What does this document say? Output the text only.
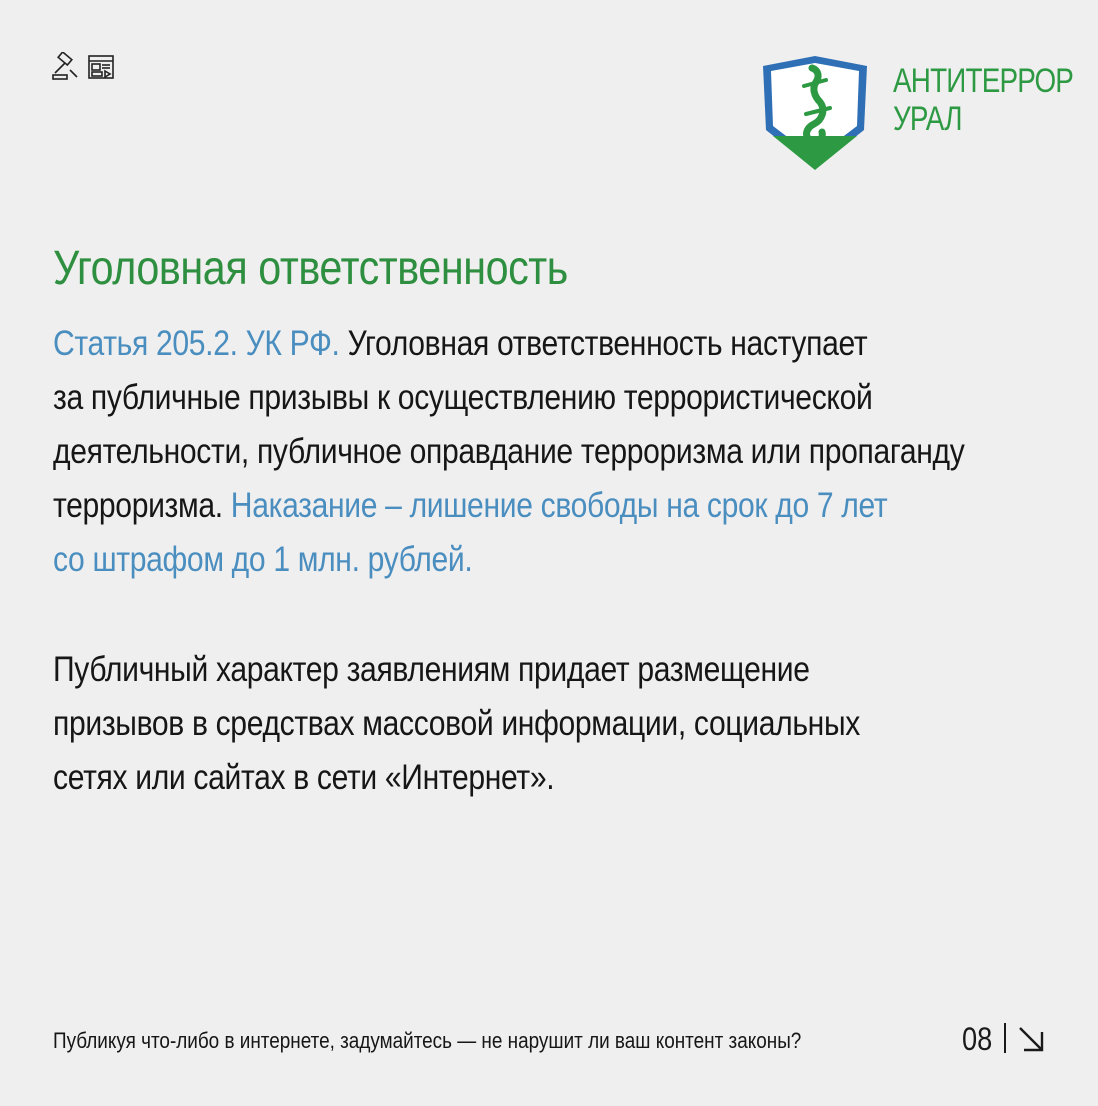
АНТИТЕРРОР
УРАЛ
Уголовная ответственность
Статья 205.2. УК РФ. Уголовная ответственность наступает
за публичные призывы к осуществлению террористической
деятельности, публичное оправдание терроризма или пропаганду
терроризма. Наказание – лишение свободы на срок до 7 лет
со штрафом до 1 млн. рублей.
Публичный характер заявлениям придает размещение
призывов в средствах массовой информации, социальных
сетях или сайтах в сети «Интернет».
Публикуя что-либо в интернете, задумайтесь — не нарушит ли ваш контент законы?	08
